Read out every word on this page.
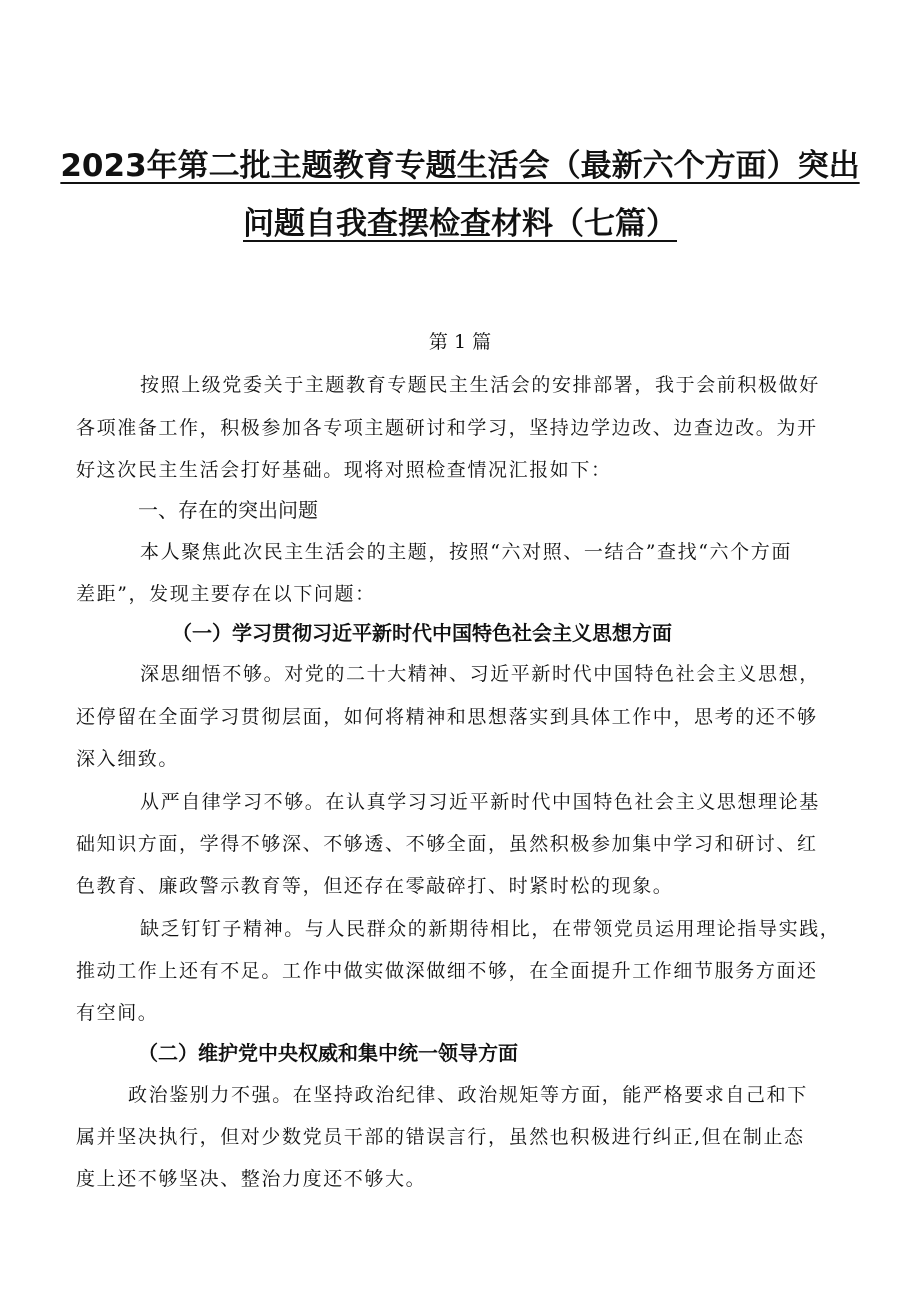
2023年第二批主题教育专题生活会（最新六个方面）突出
问题自我查摆检查材料（七篇）
第 1 篇
按照上级党委关于主题教育专题民主生活会的安排部署，我于会前积极做好
各项准备工作，积极参加各专项主题研讨和学习，坚持边学边改、边查边改。为开
好这次民主生活会打好基础。现将对照检查情况汇报如下：
一、存在的突出问题
本人聚焦此次民主生活会的主题，按照“六对照、一结合”查找“六个方面
差距”，发现主要存在以下问题：
（一）学习贯彻习近平新时代中国特色社会主义思想方面
深思细悟不够。对党的二十大精神、习近平新时代中国特色社会主义思想，
还停留在全面学习贯彻层面，如何将精神和思想落实到具体工作中，思考的还不够
深入细致。
从严自律学习不够。在认真学习习近平新时代中国特色社会主义思想理论基
础知识方面，学得不够深、不够透、不够全面，虽然积极参加集中学习和研讨、红
色教育、廉政警示教育等，但还存在零敲碎打、时紧时松的现象。
缺乏钉钉子精神。与人民群众的新期待相比，在带领党员运用理论指导实践，
推动工作上还有不足。工作中做实做深做细不够，在全面提升工作细节服务方面还
有空间。
（二）维护党中央权威和集中统一领导方面
政治鉴别力不强。在坚持政治纪律、政治规矩等方面，能严格要求自己和下
属并坚决执行，但对少数党员干部的错误言行，虽然也积极进行纠正,但在制止态
度上还不够坚决、整治力度还不够大。
